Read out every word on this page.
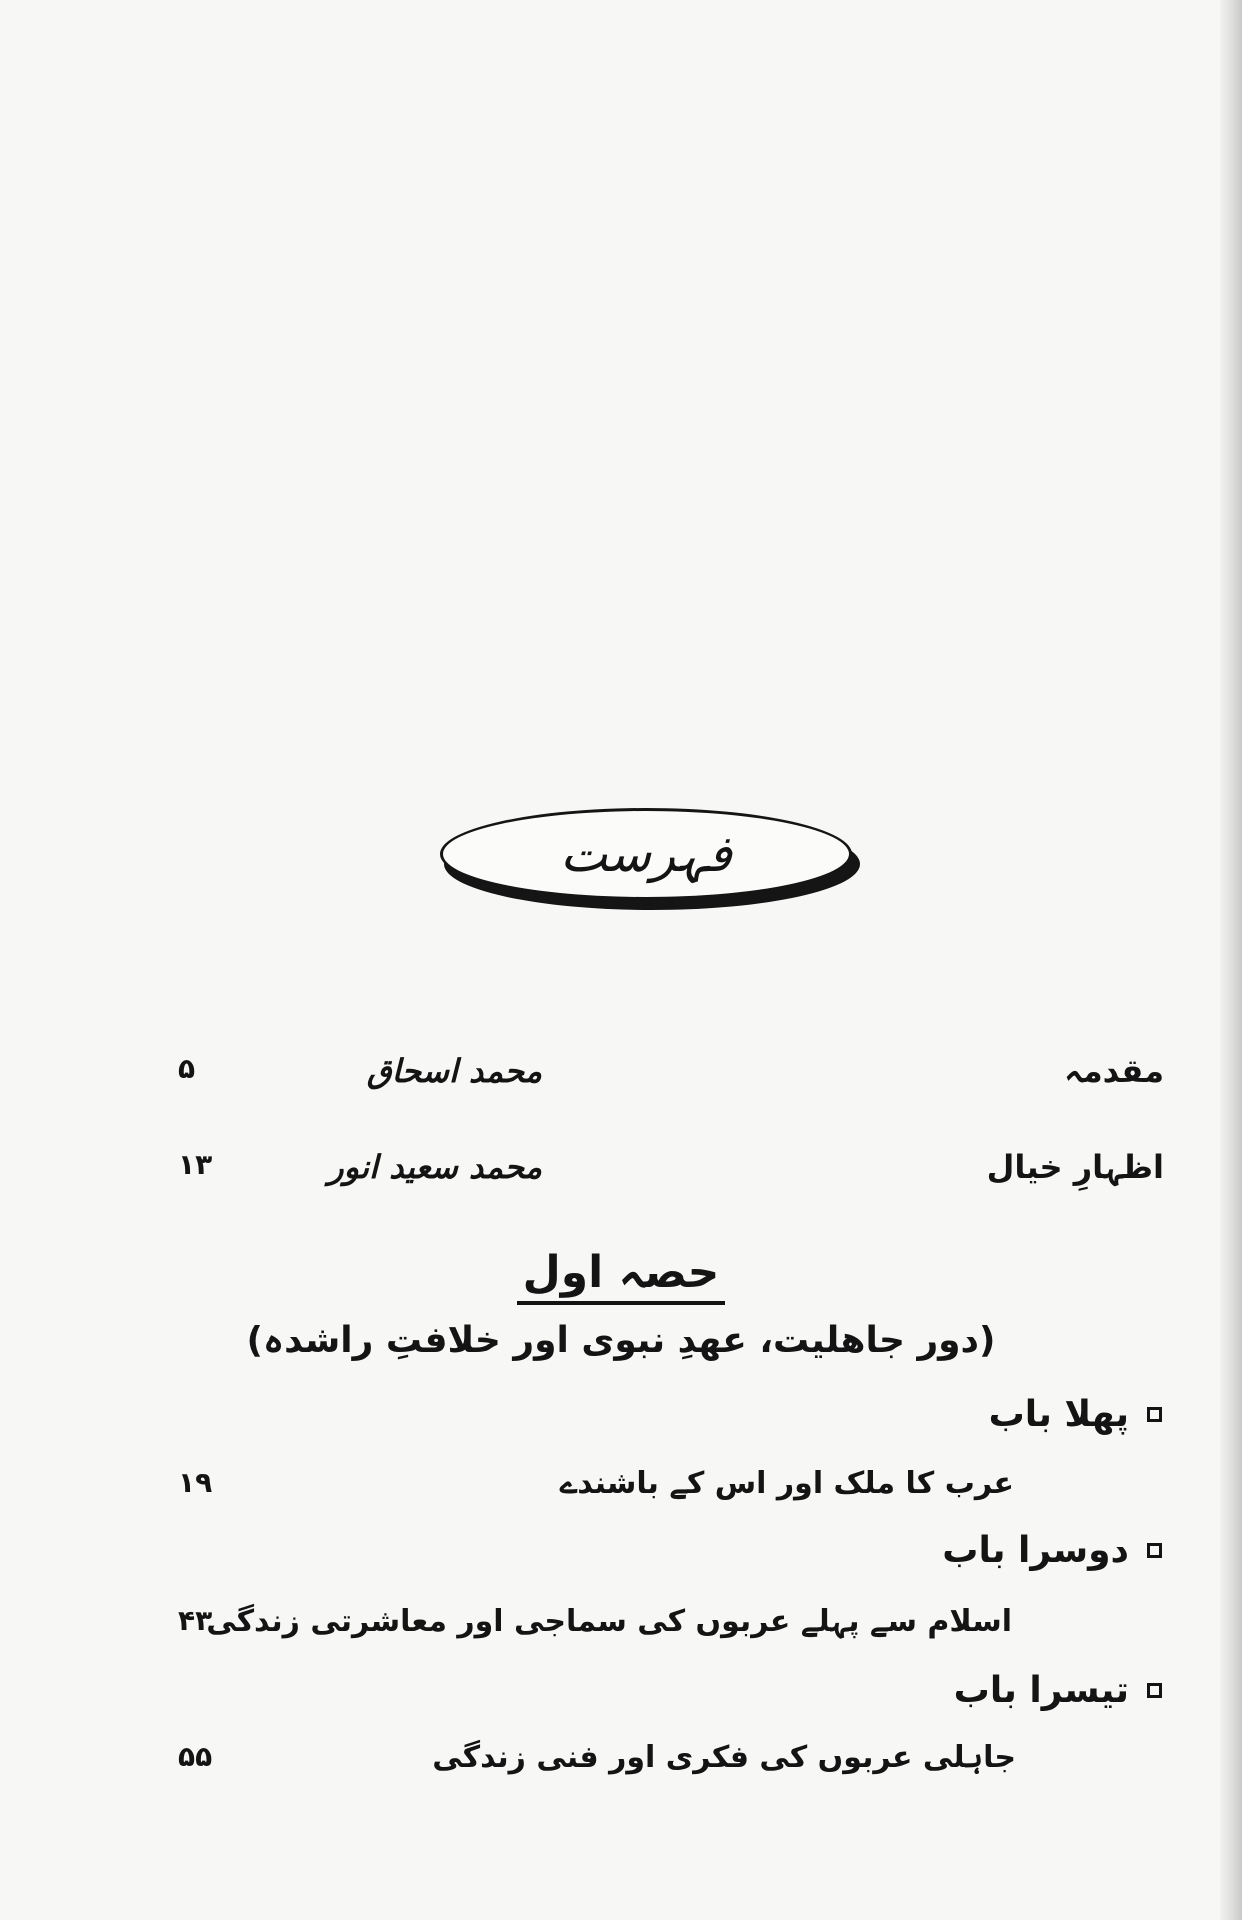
فہرست
مقدمہ
محمد اسحاق
۵
اظہارِ خیال
محمد سعید انور
۱۳
حصہ اول
(دور جاھلیت، عھدِ نبوی اور خلافتِ راشدہ)
پهلا باب
عرب کا ملک اور اس کے باشندے
۱۹
دوسرا باب
اسلام سے پہلے عربوں کی سماجی اور معاشرتی زندگی
۴۳
تیسرا باب
جاہلی عربوں کی فکری اور فنی زندگی
۵۵
